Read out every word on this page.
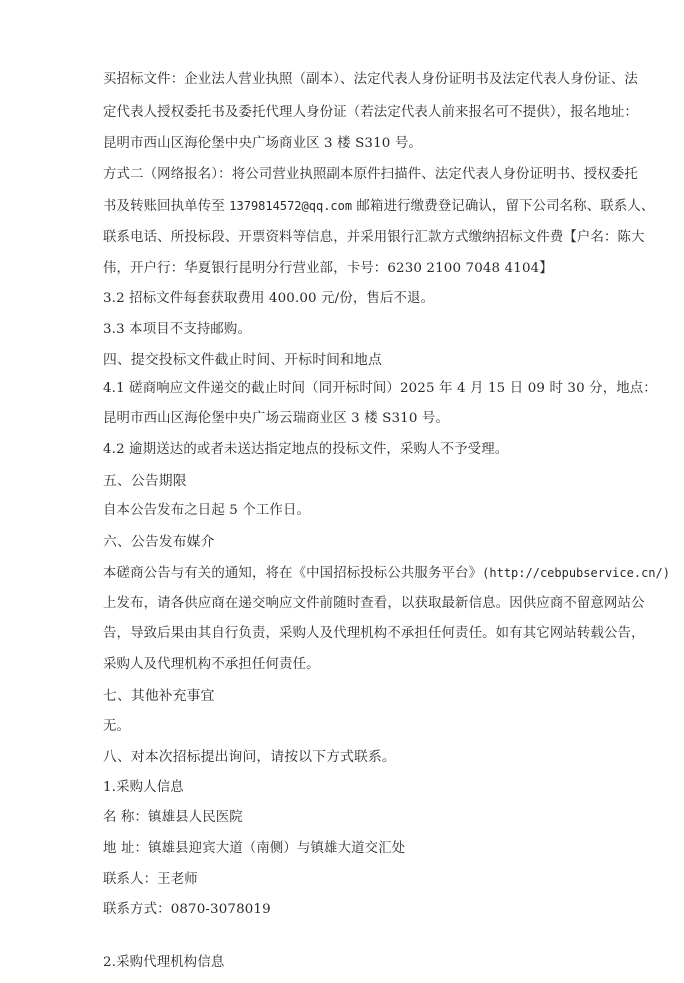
买招标文件：企业法人营业执照（副本）、法定代表人身份证明书及法定代表人身份证、法
定代表人授权委托书及委托代理人身份证（若法定代表人前来报名可不提供），报名地址：
昆明市西山区海伦堡中央广场商业区 3 楼 S310 号。
方式二（网络报名）：将公司营业执照副本原件扫描件、法定代表人身份证明书、授权委托
书及转账回执单传至 1379814572@qq.com 邮箱进行缴费登记确认，留下公司名称、联系人、
联系电话、所投标段、开票资料等信息，并采用银行汇款方式缴纳招标文件费【户名：陈大
伟，开户行：华夏银行昆明分行营业部，卡号：6230 2100 7048 4104】
3.2 招标文件每套获取费用 400.00 元/份，售后不退。
3.3 本项目不支持邮购。
四、提交投标文件截止时间、开标时间和地点
4.1 磋商响应文件递交的截止时间（同开标时间）2025 年 4 月 15 日 09 时 30 分，地点：
昆明市西山区海伦堡中央广场云瑞商业区 3 楼 S310 号。
4.2 逾期送达的或者未送达指定地点的投标文件，采购人不予受理。
五、公告期限
自本公告发布之日起 5 个工作日。
六、公告发布媒介
本磋商公告与有关的通知，将在《中国招标投标公共服务平台》(http://cebpubservice.cn/)
上发布，请各供应商在递交响应文件前随时查看，以获取最新信息。因供应商不留意网站公
告，导致后果由其自行负责，采购人及代理机构不承担任何责任。如有其它网站转载公告，
采购人及代理机构不承担任何责任。
七、其他补充事宜
无。
八、对本次招标提出询问，请按以下方式联系。
1.采购人信息
名 称：镇雄县人民医院
地 址：镇雄县迎宾大道（南侧）与镇雄大道交汇处
联系人：王老师
联系方式：0870-3078019
2.采购代理机构信息
